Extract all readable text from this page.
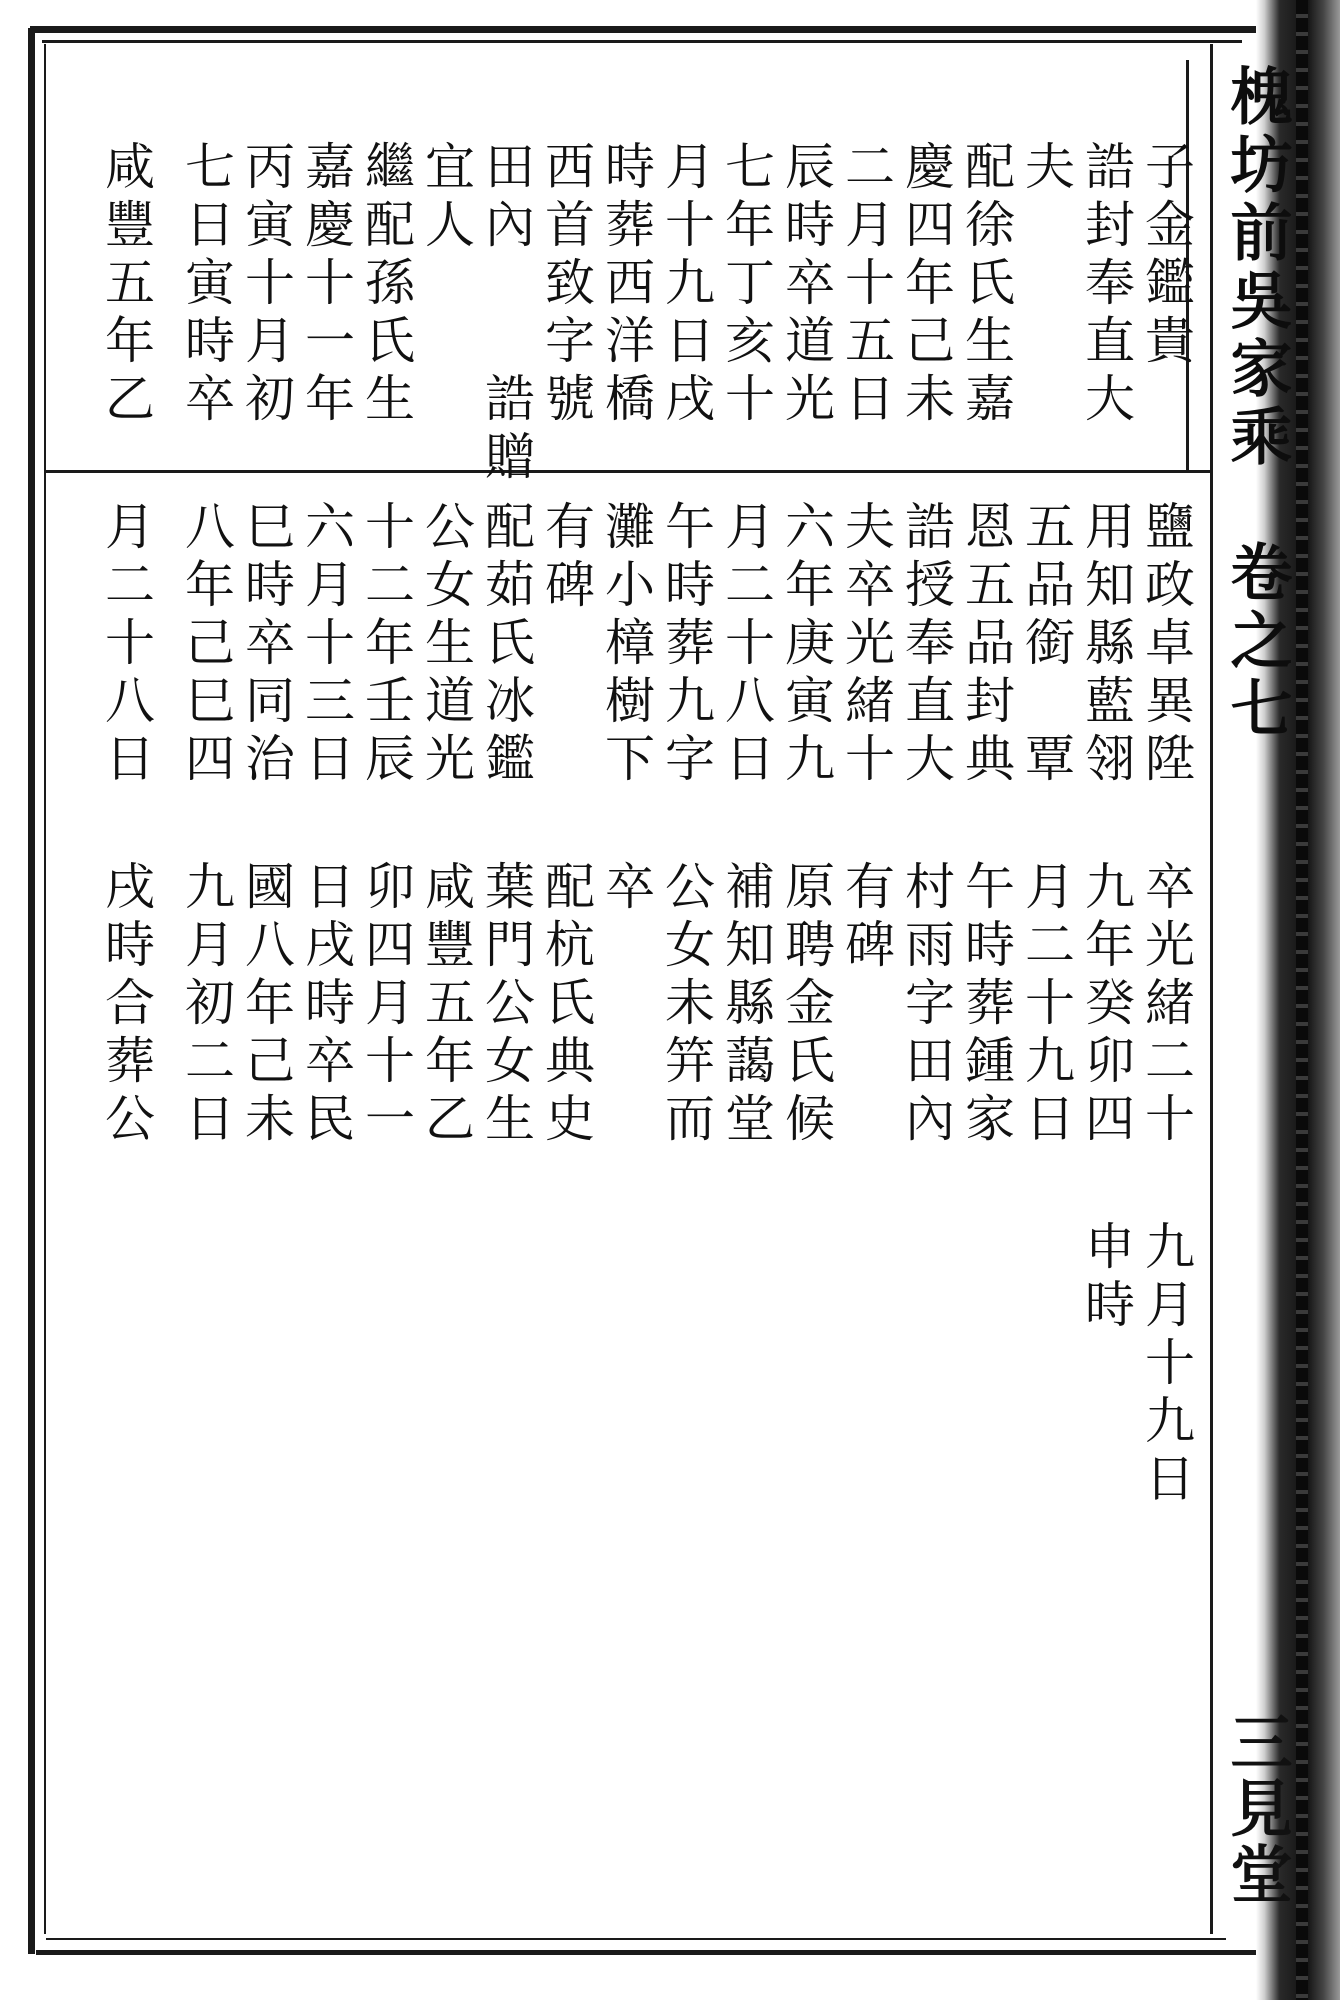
槐坊前吳家乘　卷之七
三見堂
子金鑑貴
誥封奉直大
夫
配徐氏生嘉
慶四年己未
二月十五日
辰時卒道光
七年丁亥十
月十九日戌
時葬西洋橋
西首致字號
田內　　誥贈
宜人
繼配孫氏生
嘉慶十一年
丙寅十月初
七日寅時卒
咸豐五年乙
鹽政卓異陞
用知縣藍翎
五品銜　覃
恩五品封典
誥授奉直大
夫卒光緒十
六年庚寅九
月二十八日
午時葬九字
灘小樟樹下
有碑
配茹氏冰鑑
公女生道光
十二年壬辰
六月十三日
巳時卒同治
八年己巳四
月二十八日
卒光緒二十
九年癸卯四
月二十九日
午時葬鍾家
村雨字田內
有碑
原聘金氏候
補知縣藹堂
公女未笄而
卒
配杭氏典史
葉門公女生
咸豐五年乙
卯四月十一
日戌時卒民
國八年己未
九月初二日
戌時合葬公
九月十九日
申時
